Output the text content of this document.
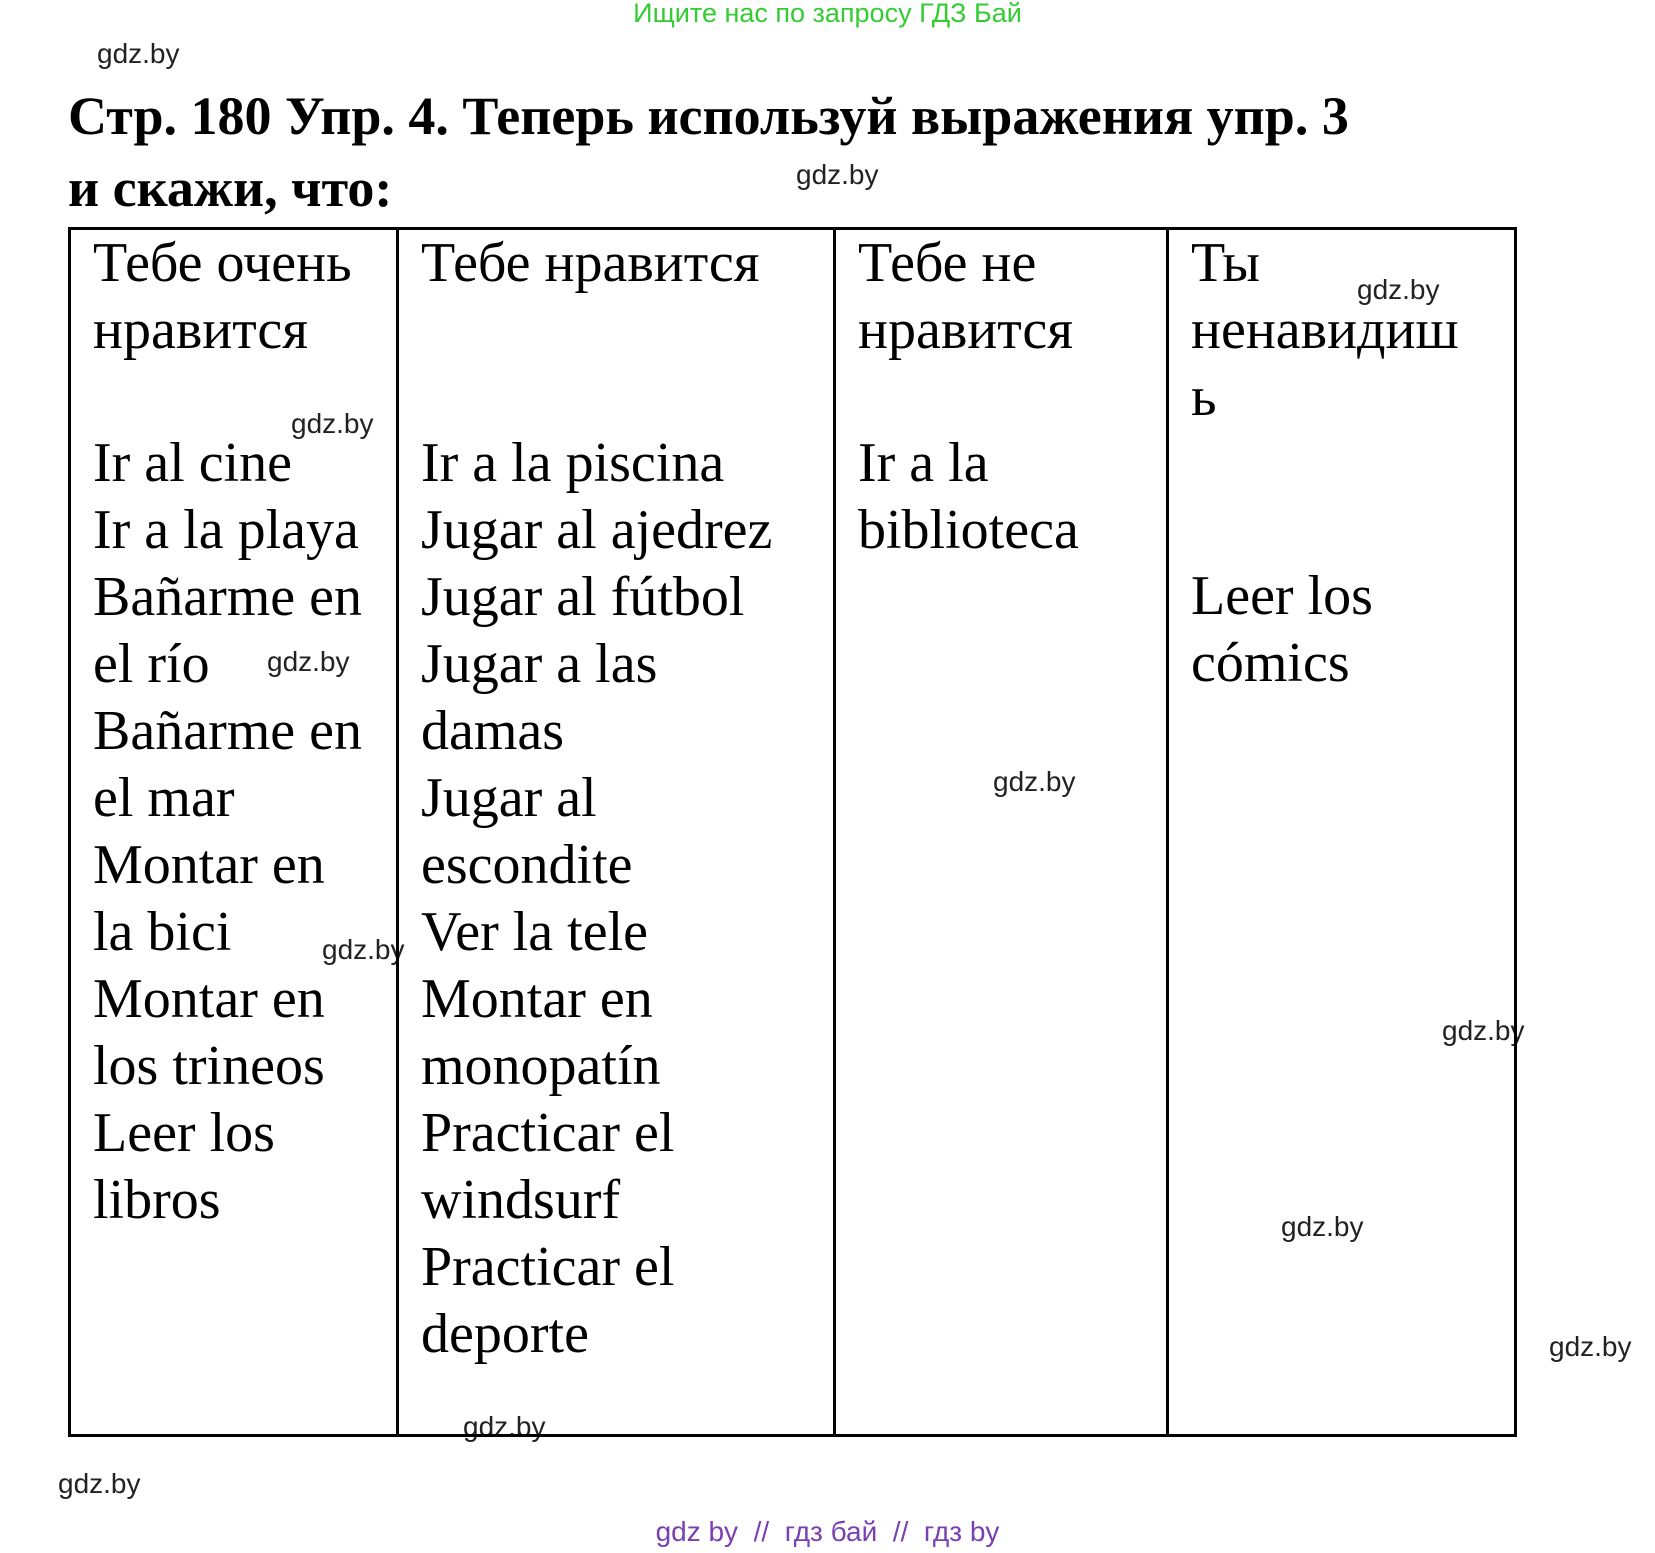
Ищите нас по запросу ГДЗ Бай
gdz.by
gdz.by
gdz.by
gdz.by
gdz.by
gdz.by
gdz.by
gdz.by
gdz.by
gdz.by
gdz.by
gdz.by
Стр. 180 Упр. 4. Теперь используй выражения упр. 3
и скажи, что:
Тебе очень
нравится
Ir al cine
Ir a la playa
Bañarme en
el río
Bañarme en
el mar
Montar en
la bici
Montar en
los trineos
Leer los
libros
Тебе нравится
Ir a la piscina
Jugar al ajedrez
Jugar al fútbol
Jugar a las
damas
Jugar al
escondite
Ver la tele
Montar en
monopatín
Practicar el
windsurf
Practicar el
deporte
Тебе не
нравится
Ir a la
biblioteca
Ты
ненавидиш
ь
Leer los
cómics
gdz by  //  гдз бай  //  гдз by
